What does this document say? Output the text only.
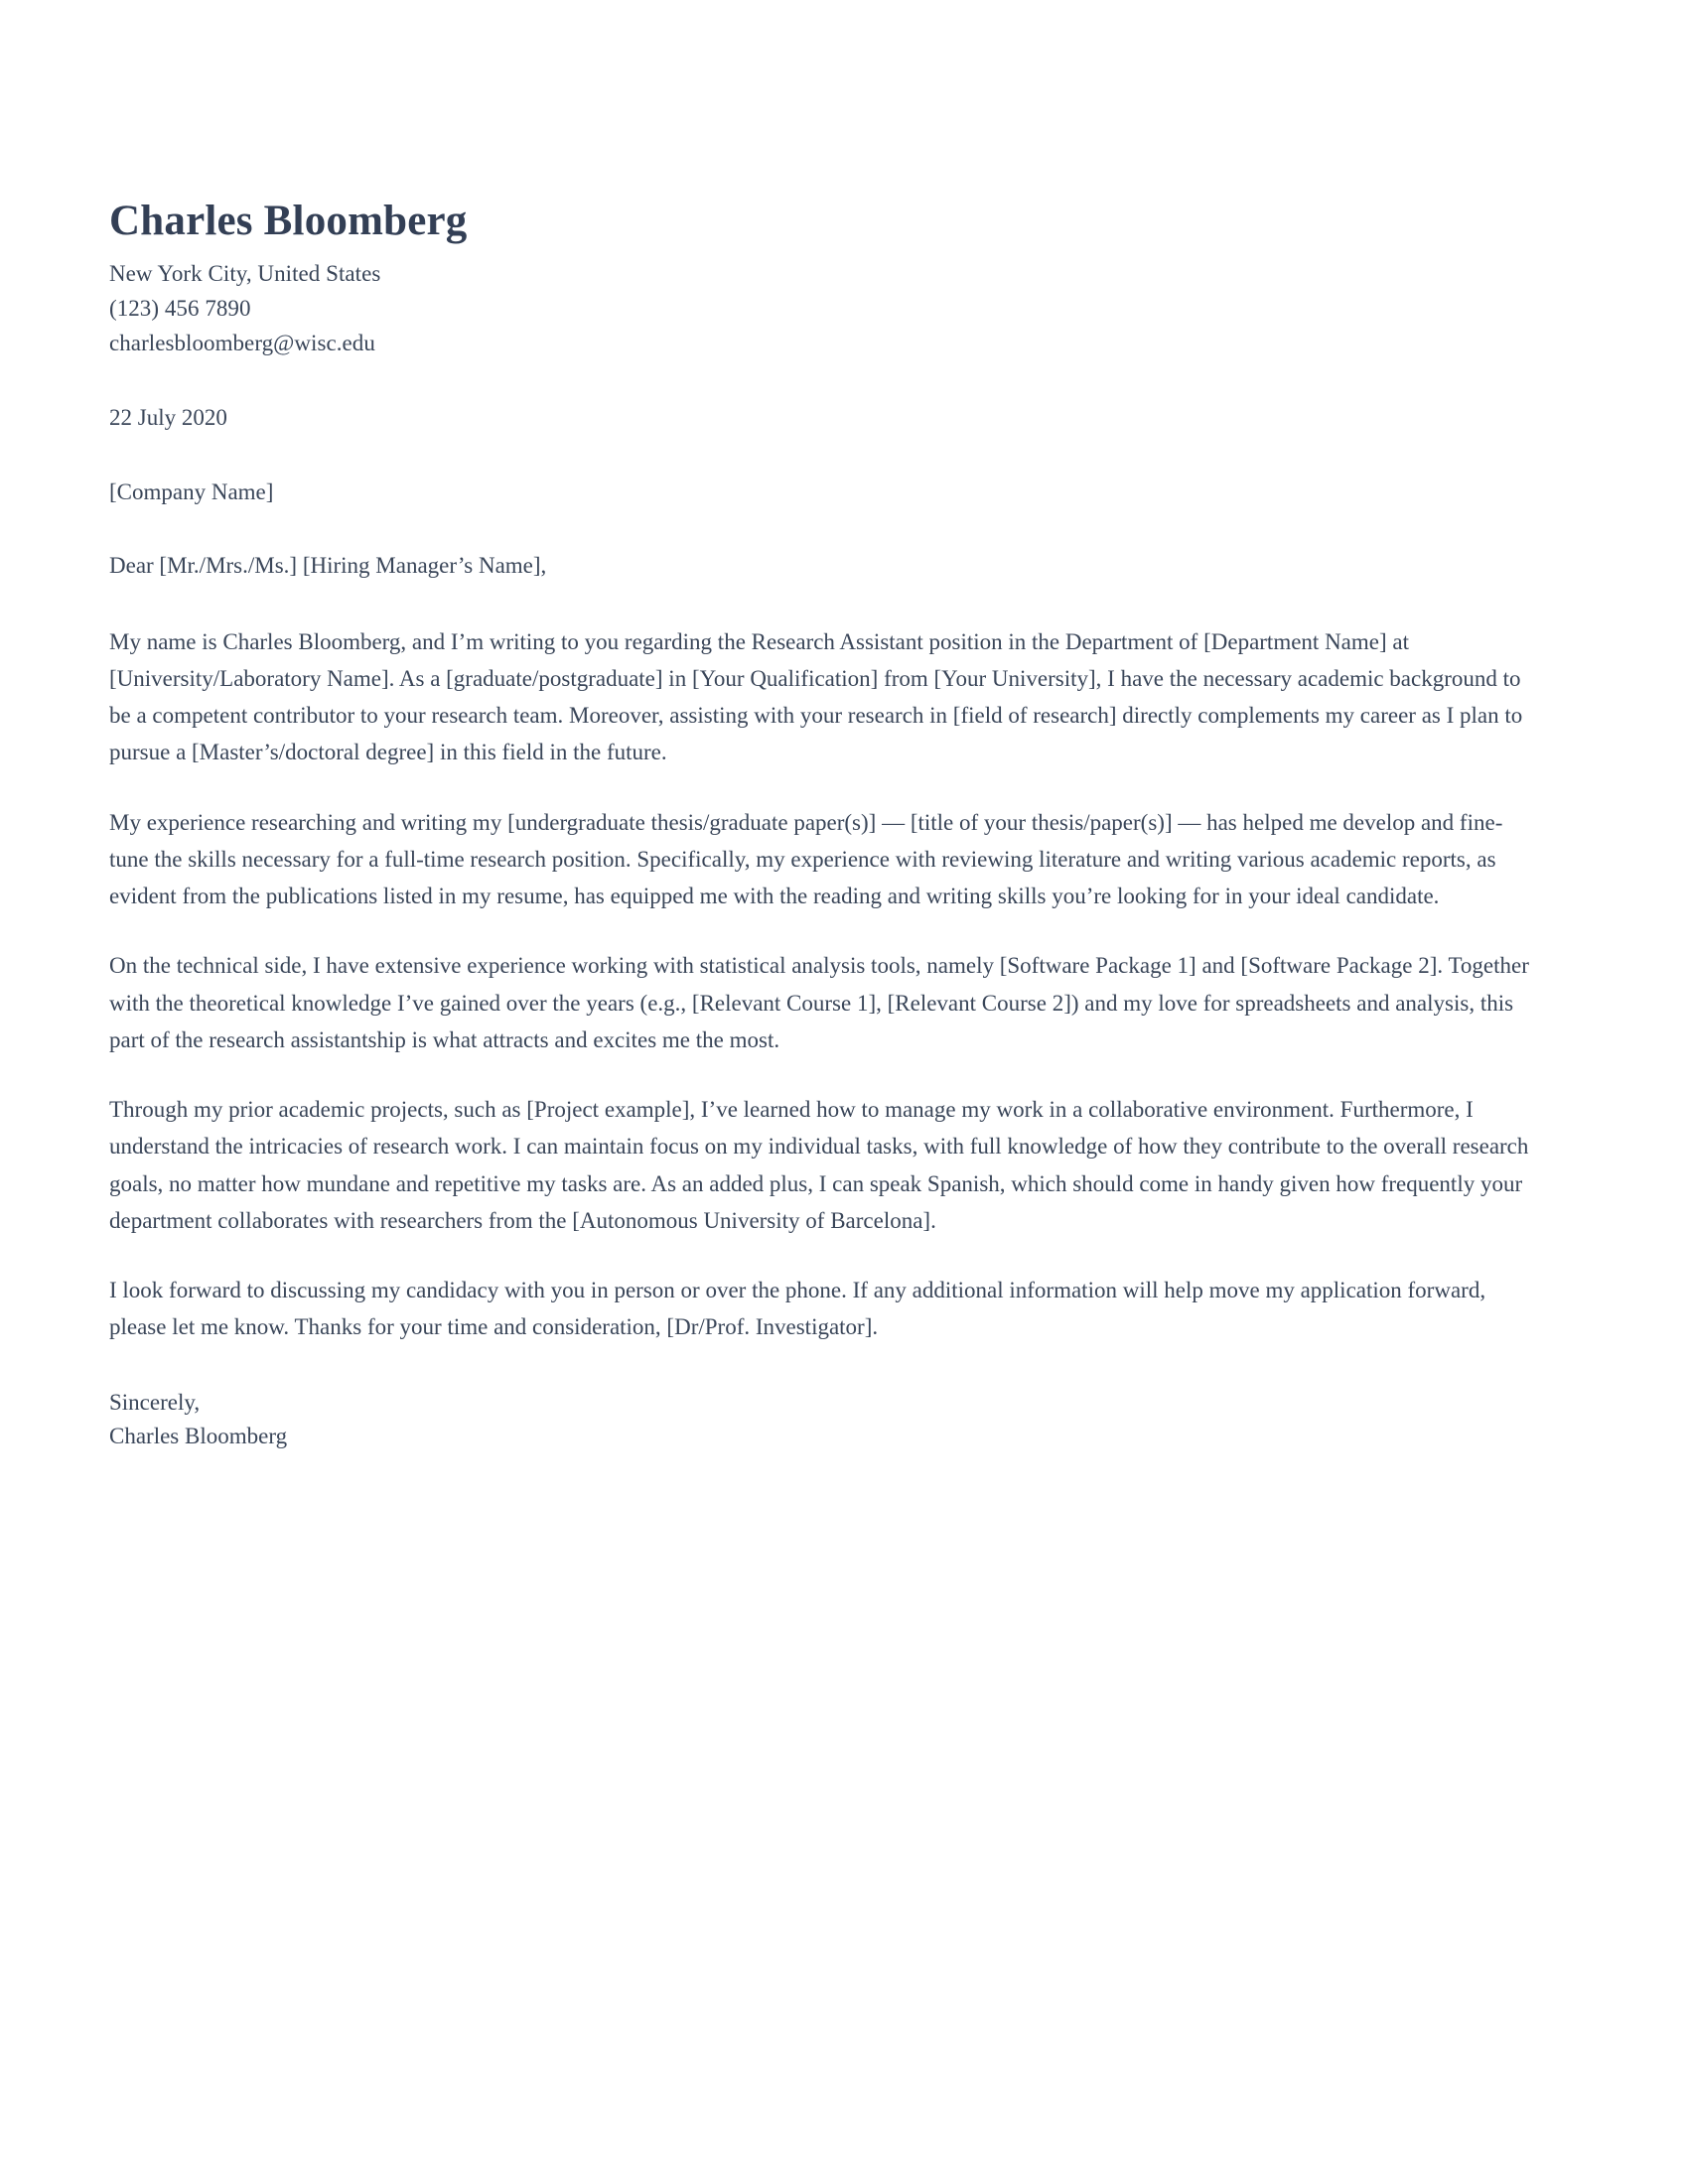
Charles Bloomberg

New York City, United States

(123) 456 7890

charlesbloomberg@wisc.edu

22 July 2020

[Company Name]

Dear [Mr./Mrs./Ms.] [Hiring Manager’s Name],

My name is Charles Bloomberg, and I’m writing to you regarding the Research Assistant position in the Department of [Department Name] at [University/Laboratory Name]. As a [graduate/postgraduate] in [Your Qualification] from [Your University], I have the necessary academic background to be a competent contributor to your research team. Moreover, assisting with your research in [field of research] directly complements my career as I plan to pursue a [Master’s/doctoral degree] in this field in the future.

My experience researching and writing my [undergraduate thesis/graduate paper(s)] — [title of your thesis/paper(s)] — has helped me develop and fine-tune the skills necessary for a full-time research position. Specifically, my experience with reviewing literature and writing various academic reports, as evident from the publications listed in my resume, has equipped me with the reading and writing skills you’re looking for in your ideal candidate.

On the technical side, I have extensive experience working with statistical analysis tools, namely [Software Package 1] and [Software Package 2]. Together with the theoretical knowledge I’ve gained over the years (e.g., [Relevant Course 1], [Relevant Course 2]) and my love for spreadsheets and analysis, this part of the research assistantship is what attracts and excites me the most.

Through my prior academic projects, such as [Project example], I’ve learned how to manage my work in a collaborative environment. Furthermore, I understand the intricacies of research work. I can maintain focus on my individual tasks, with full knowledge of how they contribute to the overall research goals, no matter how mundane and repetitive my tasks are. As an added plus, I can speak Spanish, which should come in handy given how frequently your department collaborates with researchers from the [Autonomous University of Barcelona].

I look forward to discussing my candidacy with you in person or over the phone. If any additional information will help move my application forward, please let me know. Thanks for your time and consideration, [Dr/Prof. Investigator].

Sincerely,

Charles Bloomberg
